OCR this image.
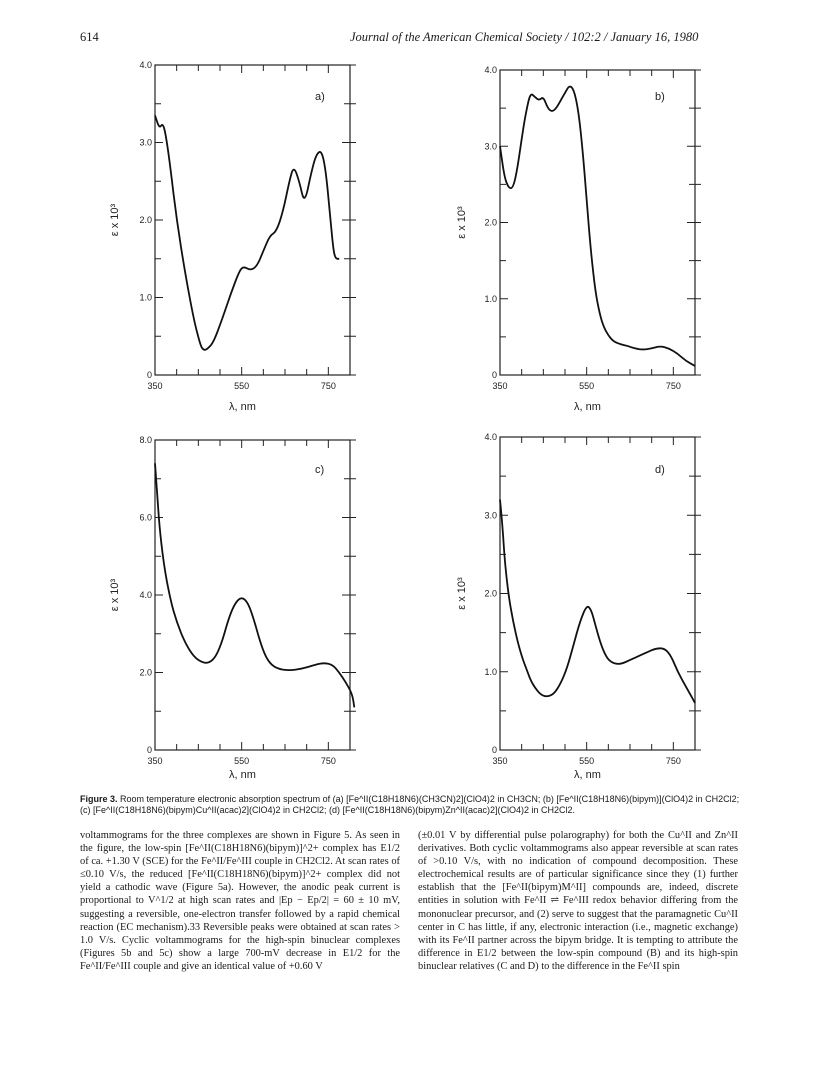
614	Journal of the American Chemical Society / 102:2 / January 16, 1980
0
1.0
2.0
3.0
4.0
350	550	750
λ, nm
ε x 10³
a)
0
1.0
2.0
3.0
4.0
350	550	750
λ, nm
ε x 10³
b)
0
2.0
4.0
6.0
8.0
350	550	750
λ, nm
ε x 10³
c)
0
1.0
2.0
3.0
4.0
350	550	750
λ, nm
ε x 10³
d)
Figure 3. Room temperature electronic absorption spectrum of (a) [Fe^II(C18H18N6)(CH3CN)2](ClO4)2 in CH3CN; (b) [Fe^II(C18H18N6)(bipym)](ClO4)2 in CH2Cl2; (c) [Fe^II(C18H18N6)(bipym)Cu^II(acac)2](ClO4)2 in CH2Cl2; (d) [Fe^II(C18H18N6)(bipym)Zn^II(acac)2](ClO4)2 in CH2Cl2.
voltammograms for the three complexes are shown in Figure 5. As seen in the figure, the low-spin [Fe^II(C18H18N6)(bipym)]^2+ complex has E1/2 of ca. +1.30 V (SCE) for the Fe^II/Fe^III couple in CH2Cl2. At scan rates of ≤0.10 V/s, the reduced [Fe^II(C18H18N6)(bipym)]^2+ complex did not yield a cathodic wave (Figure 5a). However, the anodic peak current is proportional to V^1/2 at high scan rates and |Ep − Ep/2| = 60 ± 10 mV, suggesting a reversible, one-electron transfer followed by a rapid chemical reaction (EC mechanism).33 Reversible peaks were obtained at scan rates > 1.0 V/s. Cyclic voltammograms for the high-spin binuclear complexes (Figures 5b and 5c) show a large 700-mV decrease in E1/2 for the Fe^II/Fe^III couple and give an identical value of +0.60 V
(±0.01 V by differential pulse polarography) for both the Cu^II and Zn^II derivatives. Both cyclic voltammograms also appear reversible at scan rates of >0.10 V/s, with no indication of compound decomposition. These electrochemical results are of particular significance since they (1) further establish that the [Fe^II(bipym)M^II] compounds are, indeed, discrete entities in solution with Fe^II ⇌ Fe^III redox behavior differing from the mononuclear precursor, and (2) serve to suggest that the paramagnetic Cu^II center in C has little, if any, electronic interaction (i.e., magnetic exchange) with its Fe^II partner across the bipym bridge. It is tempting to attribute the difference in E1/2 between the low-spin compound (B) and its high-spin binuclear relatives (C and D) to the difference in the Fe^II spin
